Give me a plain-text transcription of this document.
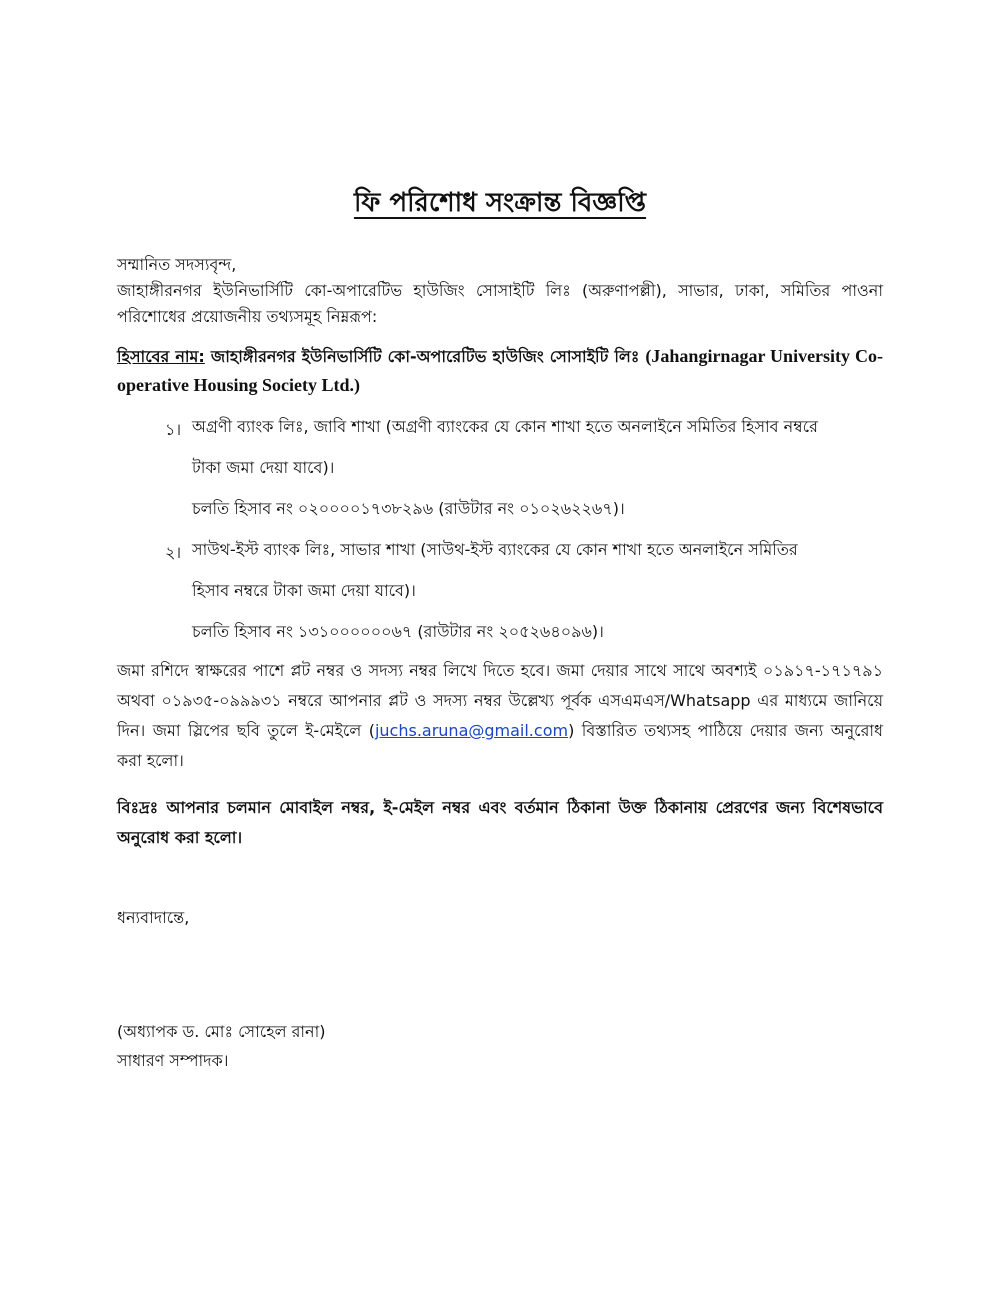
ফি পরিশোধ সংক্রান্ত বিজ্ঞপ্তি
সম্মানিত সদস্যবৃন্দ,
জাহাঙ্গীরনগর ইউনিভার্সিটি কো-অপারেটিভ হাউজিং সোসাইটি লিঃ (অরুণাপল্লী), সাভার, ঢাকা, সমিতির পাওনা পরিশোধের প্রয়োজনীয় তথ্যসমূহ নিম্নরূপ:
হিসাবের নাম: জাহাঙ্গীরনগর ইউনিভার্সিটি কো-অপারেটিভ হাউজিং সোসাইটি লিঃ (Jahangirnagar University Co-operative Housing Society Ltd.)
১। অগ্রণী ব্যাংক লিঃ, জাবি শাখা (অগ্রণী ব্যাংকের যে কোন শাখা হতে অনলাইনে সমিতির হিসাব নম্বরে
টাকা জমা দেয়া যাবে)।
চলতি হিসাব নং ০২০০০০১৭৩৮২৯৬ (রাউটার নং ০১০২৬২২৬৭)।
২। সাউথ-ইস্ট ব্যাংক লিঃ, সাভার শাখা (সাউথ-ইস্ট ব্যাংকের যে কোন শাখা হতে অনলাইনে সমিতির
হিসাব নম্বরে টাকা জমা দেয়া যাবে)।
চলতি হিসাব নং ১৩১০০০০০০৬৭ (রাউটার নং ২০৫২৬৪০৯৬)।
জমা রশিদে স্বাক্ষরের পাশে প্লট নম্বর ও সদস্য নম্বর লিখে দিতে হবে। জমা দেয়ার সাথে সাথে অবশ্যই ০১৯১৭-১৭১৭৯১ অথবা ০১৯৩৫-০৯৯৯৩১ নম্বরে আপনার প্লট ও সদস্য নম্বর উল্লেখ্য পূর্বক এসএমএস/Whatsapp এর মাধ্যমে জানিয়ে দিন। জমা স্লিপের ছবি তুলে ই-মেইলে (juchs.aruna@gmail.com) বিস্তারিত তথ্যসহ পাঠিয়ে দেয়ার জন্য অনুরোধ করা হলো।
বিঃদ্রঃ আপনার চলমান মোবাইল নম্বর, ই-মেইল নম্বর এবং বর্তমান ঠিকানা উক্ত ঠিকানায় প্রেরণের জন্য বিশেষভাবে অনুরোধ করা হলো।
ধন্যবাদান্তে,
(অধ্যাপক ড. মোঃ সোহেল রানা)
সাধারণ সম্পাদক।
